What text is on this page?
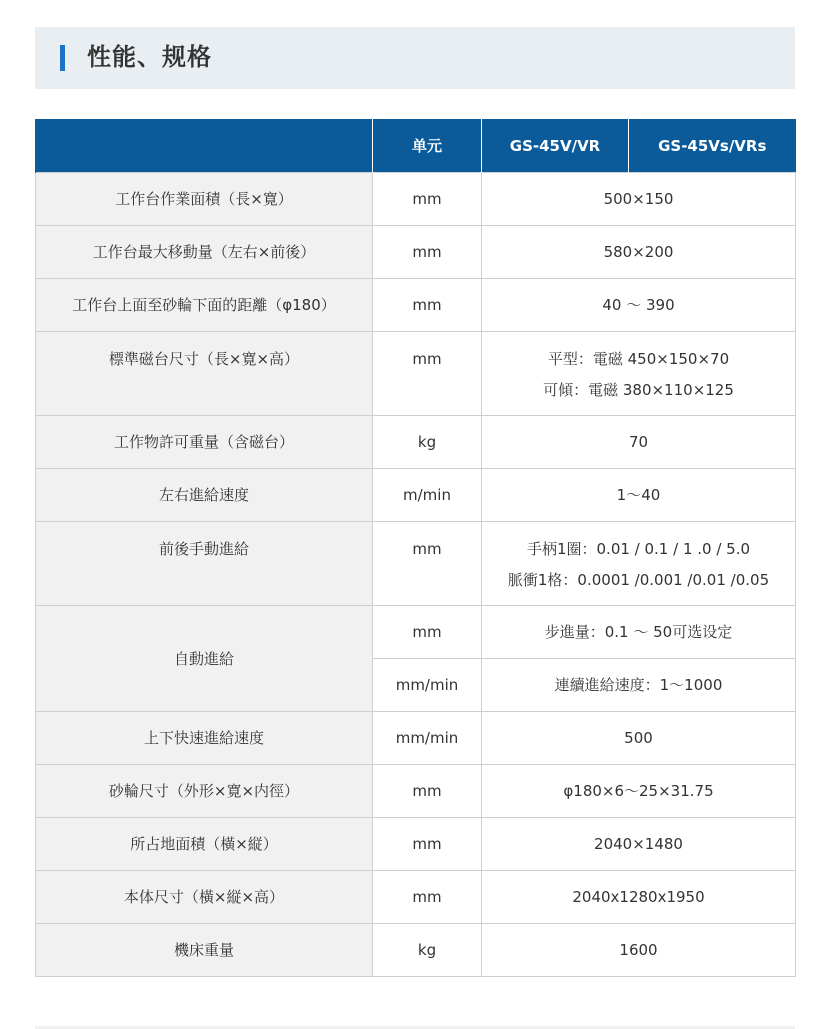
性能、规格
	单元	GS-45V/VR	GS-45Vs/VRs
工作台作業面積（長×寛）	mm	500×150	
工作台最大移動量（左右×前後）	mm	580×200	
工作台上面至砂輪下面的距離（φ180）	mm	40 ～ 390	
標準磁台尺寸（長×寛×高）	mm	平型：電磁 450×150×70
可傾：電磁 380×110×125	

工作物許可重量（含磁台）	kg	70	
左右進給速度	m/min	1～40	
前後手動進給	mm	手柄1圈：0.01 / 0.1 / 1 .0 / 5.0
脈衝1格：0.0001 /0.001 /0.01 /0.05	

自動進給	mm	步進量：0.1 ～ 50可选设定	
	mm/min	連續進給速度：1～1000	
上下快速進給速度	mm/min	500	
砂輪尺寸（外形×寛×内徑）	mm	φ180×6～25×31.75	
所占地面積（橫×縦）	mm	2040×1480	
本体尺寸（橫×縦×高）	mm	2040x1280x1950	
機床重量	kg	1600	
